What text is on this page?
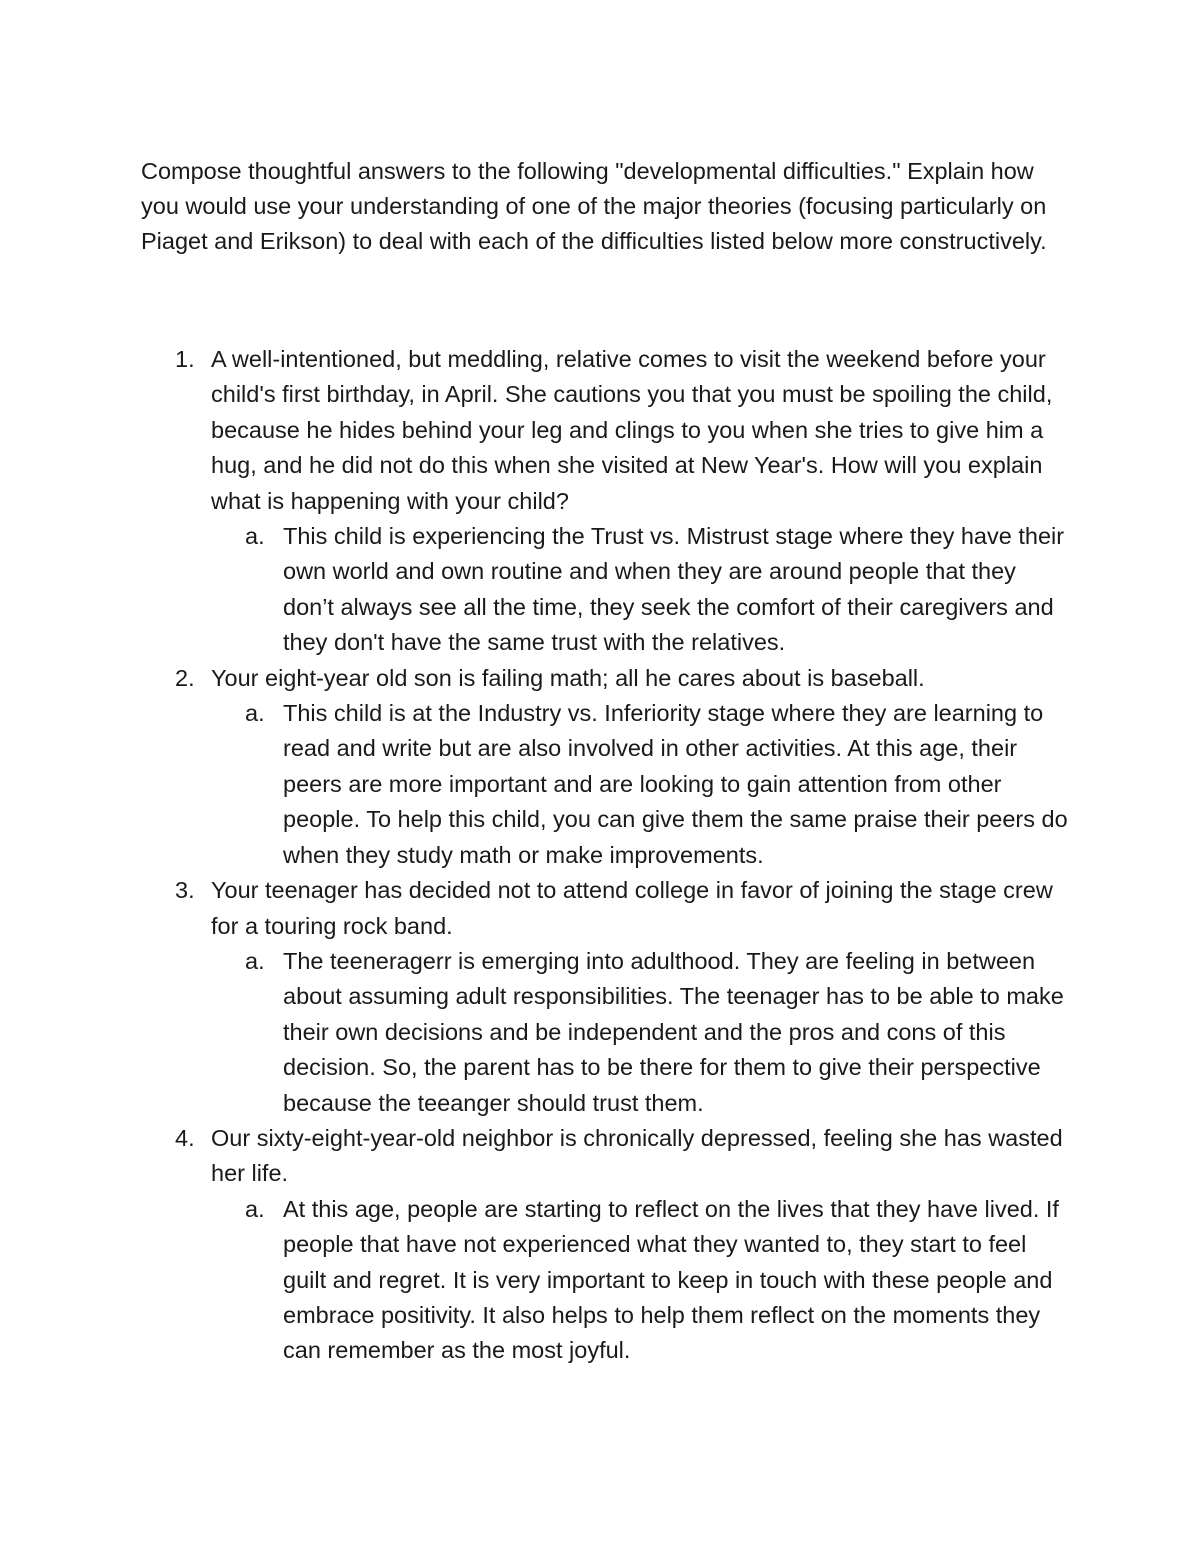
Compose thoughtful answers to the following "developmental difficulties." Explain how you would use your understanding of one of the major theories (focusing particularly on Piaget and Erikson) to deal with each of the difficulties listed below more constructively.

1. A well-intentioned, but meddling, relative comes to visit the weekend before your child's first birthday, in April. She cautions you that you must be spoiling the child, because he hides behind your leg and clings to you when she tries to give him a hug, and he did not do this when she visited at New Year's. How will you explain what is happening with your child?
a. This child is experiencing the Trust vs. Mistrust stage where they have their own world and own routine and when they are around people that they don’t always see all the time, they seek the comfort of their caregivers and they don't have the same trust with the relatives.
2. Your eight-year old son is failing math; all he cares about is baseball.
a. This child is at the Industry vs. Inferiority stage where they are learning to read and write but are also involved in other activities. At this age, their peers are more important and are looking to gain attention from other people. To help this child, you can give them the same praise their peers do when they study math or make improvements.
3. Your teenager has decided not to attend college in favor of joining the stage crew for a touring rock band.
a. The teeneragerr is emerging into adulthood. They are feeling in between about assuming adult responsibilities. The teenager has to be able to make their own decisions and be independent and the pros and cons of this decision. So, the parent has to be there for them to give their perspective because the teeanger should trust them.
4. Our sixty-eight-year-old neighbor is chronically depressed, feeling she has wasted her life.
a. At this age, people are starting to reflect on the lives that they have lived. If people that have not experienced what they wanted to, they start to feel guilt and regret. It is very important to keep in touch with these people and embrace positivity. It also helps to help them reflect on the moments they can remember as the most joyful.
